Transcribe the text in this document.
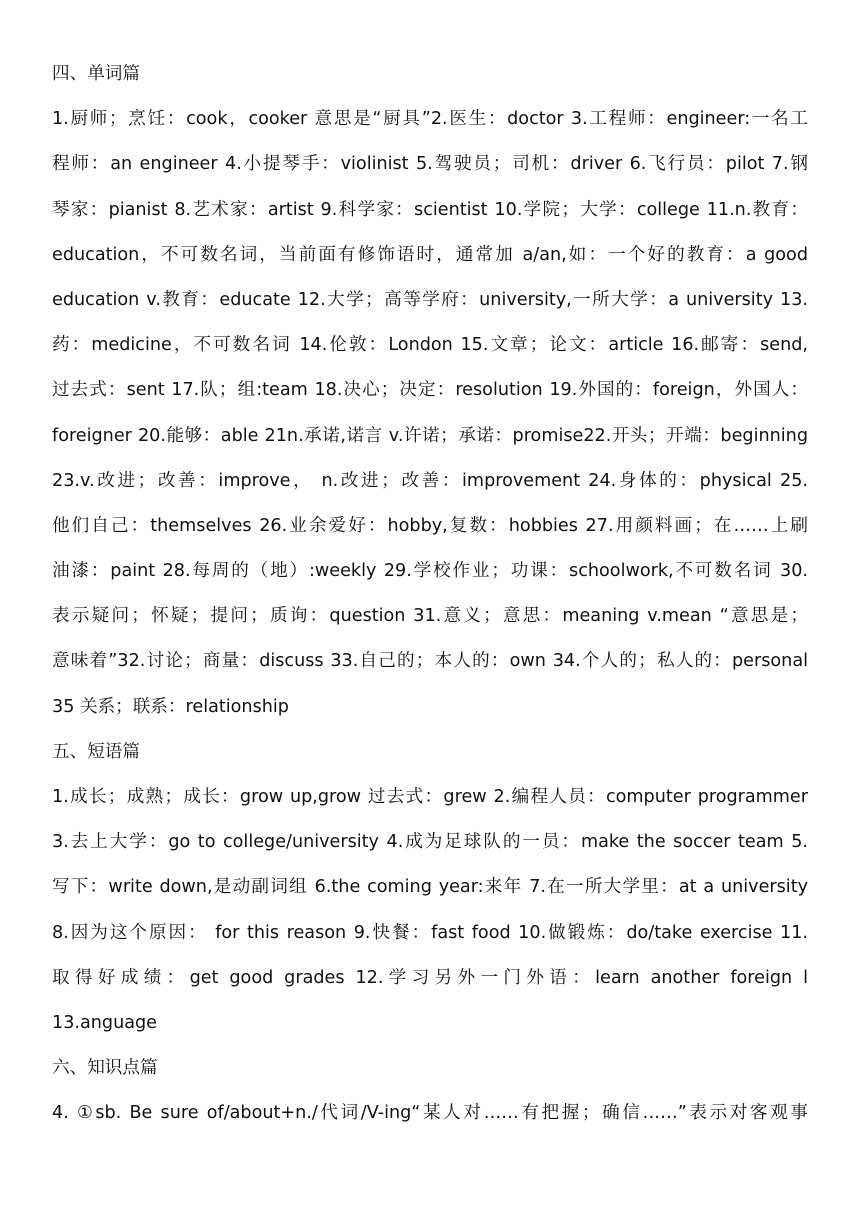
四、单词篇
1.厨师；烹饪：cook，cooker 意思是“厨具”2.医生：doctor 3.工程师：engineer:一名工
程师：an engineer 4.小提琴手：violinist 5.驾驶员；司机：driver 6.飞行员：pilot 7.钢
琴家：pianist 8.艺术家：artist 9.科学家：scientist 10.学院；大学：college 11.n.教育：
education，不可数名词，当前面有修饰语时，通常加 a/an,如：一个好的教育：a good
education v.教育：educate 12.大学；高等学府：university,一所大学：a university 13.
药：medicine，不可数名词 14.伦敦：London 15.文章；论文：article 16.邮寄：send,
过去式：sent 17.队；组:team 18.决心；决定：resolution 19.外国的：foreign，外国人：
foreigner 20.能够：able 21n.承诺,诺言 v.许诺；承诺：promise22.开头；开端：beginning
23.v.改进；改善：improve， n.改进；改善：improvement 24.身体的：physical 25.
他们自己：themselves 26.业余爱好：hobby,复数：hobbies 27.用颜料画；在……上刷
油漆：paint 28.每周的（地）:weekly 29.学校作业；功课：schoolwork,不可数名词 30.
表示疑问；怀疑；提问；质询：question 31.意义；意思：meaning v.mean “意思是；
意味着”32.讨论；商量：discuss 33.自己的；本人的：own 34.个人的；私人的：personal
35 关系；联系：relationship
五、短语篇
1.成长；成熟；成长：grow up,grow 过去式：grew 2.编程人员：computer programmer
3.去上大学：go to college/university 4.成为足球队的一员：make the soccer team 5.
写下：write down,是动副词组 6.the coming year:来年 7.在一所大学里：at a university
8.因为这个原因： for this reason 9.快餐：fast food 10.做锻炼：do/take exercise 11.
取得好成绩：get good grades 12.学习另外一门外语：learn another foreign l
13.anguage
六、知识点篇
4. ①sb. Be sure of/about+n./代词/V-ing“某人对……有把握；确信……”表示对客观事
